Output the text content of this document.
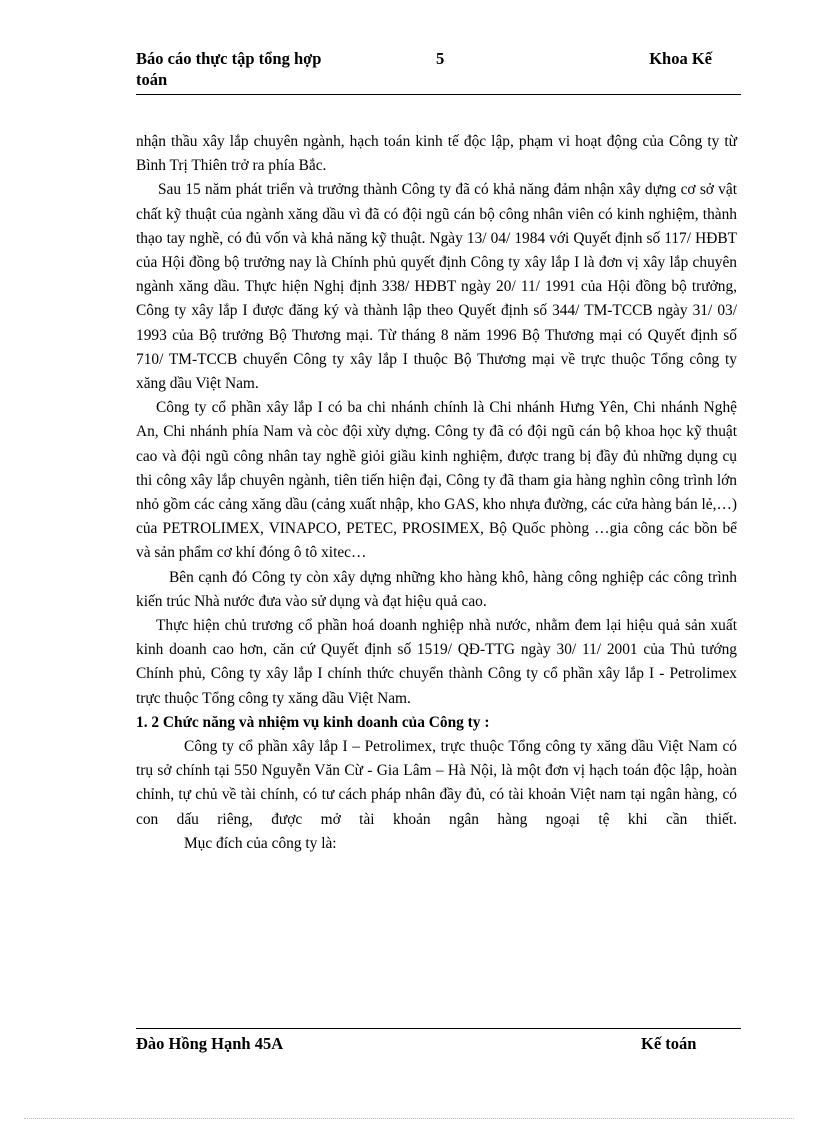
Báo cáo thực tập tổng hợp toán
5	Khoa Kế

nhận thầu xây lắp chuyên ngành, hạch toán kinh tế độc lập, phạm vi hoạt động của Công ty từ Bình Trị Thiên trở ra phía Bắc.

Sau 15 năm phát triển và trưởng thành Công ty đã có khả năng đảm nhận xây dựng cơ sở vật chất kỹ thuật của ngành xăng dầu vì đã có đội ngũ cán bộ công nhân viên có kinh nghiệm, thành thạo tay nghề, có đủ vốn và khả năng kỹ thuật. Ngày 13/ 04/ 1984 với Quyết định số 117/ HĐBT của Hội đồng bộ trưởng nay là Chính phủ quyết định Công ty xây lắp I là đơn vị xây lắp chuyên ngành xăng dầu. Thực hiện Nghị định 338/ HĐBT ngày 20/ 11/ 1991 của Hội đồng bộ trưởng, Công ty xây lắp I được đăng ký và thành lập theo Quyết định số 344/ TM-TCCB ngày 31/ 03/ 1993 của Bộ trưởng Bộ Thương mại. Từ tháng 8 năm 1996 Bộ Thương mại có Quyết định số 710/ TM-TCCB chuyển Công ty xây lắp I thuộc Bộ Thương mại về trực thuộc Tổng công ty xăng dầu Việt Nam.

Công ty cổ phần xây lắp I có ba chi nhánh chính là Chi nhánh Hưng Yên, Chi nhánh Nghệ An, Chi nhánh phía Nam và còc đội xừy dựng. Công ty đã có đội ngũ cán bộ khoa học kỹ thuật cao và đội ngũ công nhân tay nghề giỏi giầu kinh nghiệm, được trang bị đầy đủ những dụng cụ thi công xây lắp chuyên ngành, tiên tiến hiện đại, Công ty đã tham gia hàng nghìn công trình lớn nhỏ gồm các cảng xăng dầu (cảng xuất nhập, kho GAS, kho nhựa đường, các cửa hàng bán lẻ,…) của PETROLIMEX, VINAPCO, PETEC, PROSIMEX, Bộ Quốc phòng …gia công các bồn bể và sản phẩm cơ khí đóng ô tô xitec…

Bên cạnh đó Công ty còn xây dựng những kho hàng khô, hàng công nghiệp các công trình kiến trúc Nhà nước đưa vào sử dụng và đạt hiệu quả cao.

Thực hiện chủ trương cổ phần hoá doanh nghiệp nhà nước, nhằm đem lại hiệu quả sản xuất kinh doanh cao hơn, căn cứ Quyết định số 1519/ QĐ-TTG ngày 30/ 11/ 2001 của Thủ tướng Chính phủ, Công ty xây lắp I chính thức chuyển thành Công ty cổ phần xây lắp I - Petrolimex trực thuộc Tổng công ty xăng dầu Việt Nam.

1. 2 Chức năng và nhiệm vụ kinh doanh của Công ty :

Công ty cổ phần xây lắp I – Petrolimex, trực thuộc Tổng công ty xăng dầu Việt Nam có trụ sở chính tại 550 Nguyễn Văn Cừ - Gia Lâm – Hà Nội, là một đơn vị hạch toán độc lập, hoàn chỉnh, tự chủ về tài chính, có tư cách pháp nhân đầy đủ, có tài khoản Việt nam tại ngân hàng, có con dấu riêng, được mở tài khoản ngân hàng ngoại tệ khi cần thiết.

Mục đích của công ty là:

Đào Hồng Hạnh 45A	Kế toán
